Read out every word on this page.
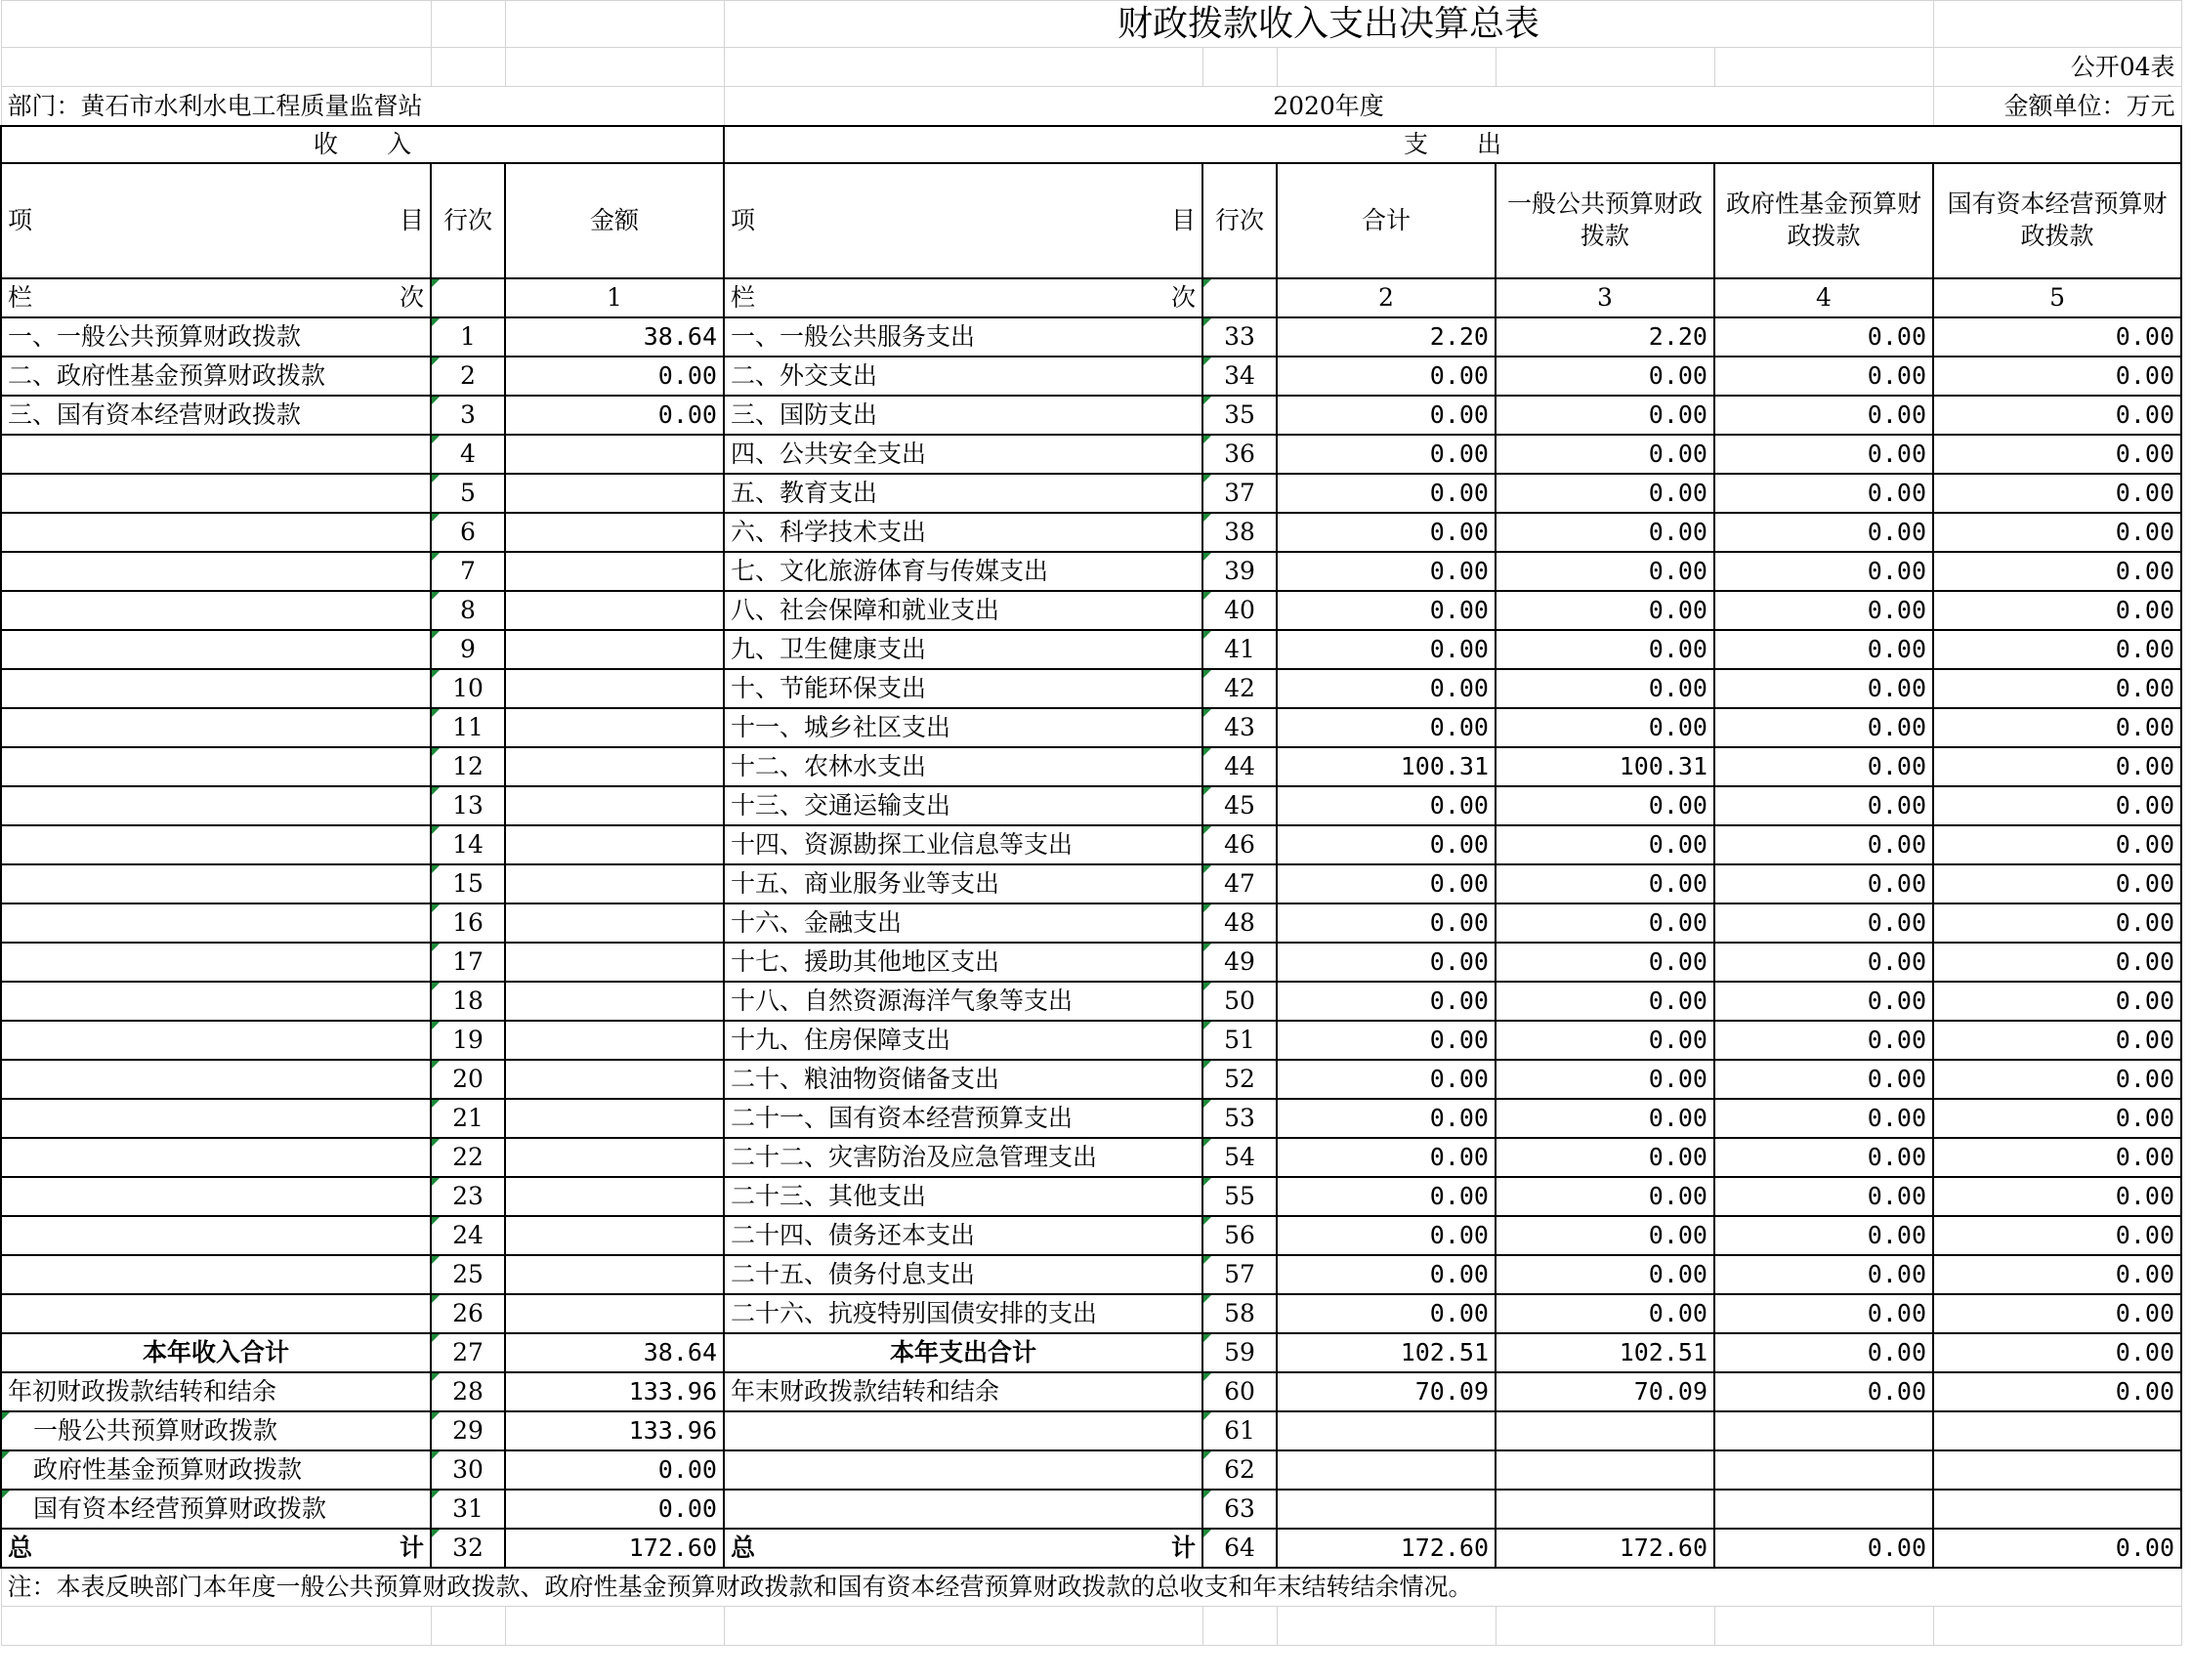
			财政拨款收入支出决算总表					
								公开04表
部门：黄石市水利水电工程质量监督站			2020年度					金额单位：万元
收　　入			支　　出					
项目	行次	金额	项目	行次	合计	一般公共预算财政拨款	政府性基金预算财政拨款	国有资本经营预算财政拨款
栏次		1	栏次		2	3	4	5
一、一般公共预算财政拨款	1	38.64	一、一般公共服务支出	33	2.20	2.20	0.00	0.00
二、政府性基金预算财政拨款	2	0.00	二、外交支出	34	0.00	0.00	0.00	0.00
三、国有资本经营财政拨款	3	0.00	三、国防支出	35	0.00	0.00	0.00	0.00
	4		四、公共安全支出	36	0.00	0.00	0.00	0.00
	5		五、教育支出	37	0.00	0.00	0.00	0.00
	6		六、科学技术支出	38	0.00	0.00	0.00	0.00
	7		七、文化旅游体育与传媒支出	39	0.00	0.00	0.00	0.00
	8		八、社会保障和就业支出	40	0.00	0.00	0.00	0.00
	9		九、卫生健康支出	41	0.00	0.00	0.00	0.00
	10		十、节能环保支出	42	0.00	0.00	0.00	0.00
	11		十一、城乡社区支出	43	0.00	0.00	0.00	0.00
	12		十二、农林水支出	44	100.31	100.31	0.00	0.00
	13		十三、交通运输支出	45	0.00	0.00	0.00	0.00
	14		十四、资源勘探工业信息等支出	46	0.00	0.00	0.00	0.00
	15		十五、商业服务业等支出	47	0.00	0.00	0.00	0.00
	16		十六、金融支出	48	0.00	0.00	0.00	0.00
	17		十七、援助其他地区支出	49	0.00	0.00	0.00	0.00
	18		十八、自然资源海洋气象等支出	50	0.00	0.00	0.00	0.00
	19		十九、住房保障支出	51	0.00	0.00	0.00	0.00
	20		二十、粮油物资储备支出	52	0.00	0.00	0.00	0.00
	21		二十一、国有资本经营预算支出	53	0.00	0.00	0.00	0.00
	22		二十二、灾害防治及应急管理支出	54	0.00	0.00	0.00	0.00
	23		二十三、其他支出	55	0.00	0.00	0.00	0.00
	24		二十四、债务还本支出	56	0.00	0.00	0.00	0.00
	25		二十五、债务付息支出	57	0.00	0.00	0.00	0.00
	26		二十六、抗疫特别国债安排的支出	58	0.00	0.00	0.00	0.00
本年收入合计	27	38.64	本年支出合计	59	102.51	102.51	0.00	0.00
年初财政拨款结转和结余	28	133.96	年末财政拨款结转和结余	60	70.09	70.09	0.00	0.00
一般公共预算财政拨款	29	133.96		61				
政府性基金预算财政拨款	30	0.00		62				
国有资本经营预算财政拨款	31	0.00		63				
总计	32	172.60	总计	64	172.60	172.60	0.00	0.00
注：本表反映部门本年度一般公共预算财政拨款、政府性基金预算财政拨款和国有资本经营预算财政拨款的总收支和年末结转结余情况。								
